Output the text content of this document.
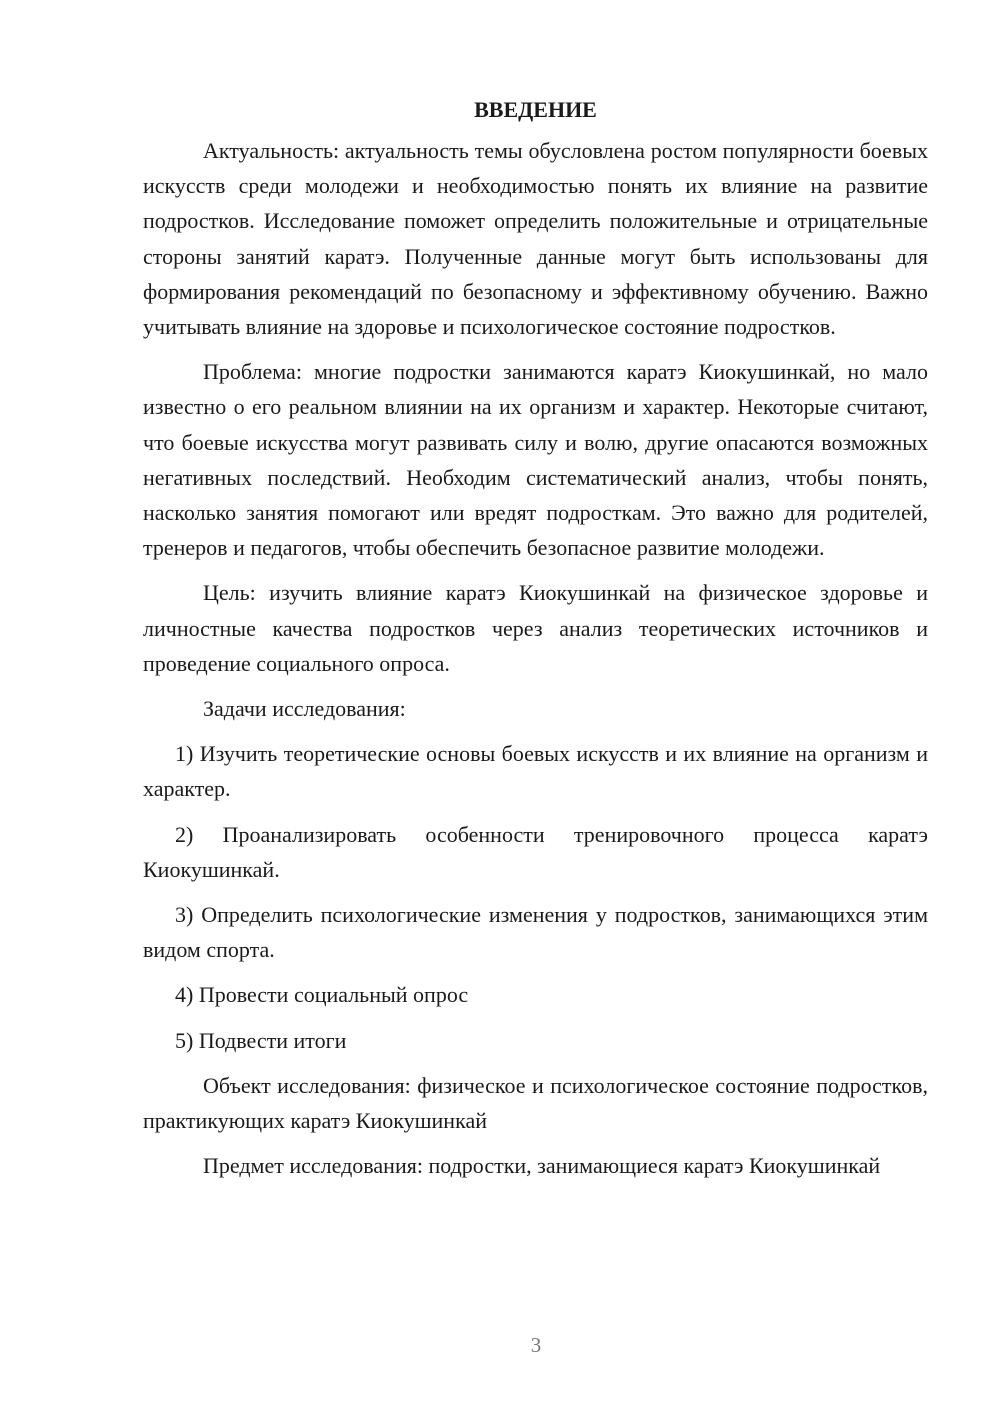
ВВЕДЕНИЕ

Актуальность: актуальность темы обусловлена ростом популярности боевых искусств среди молодежи и необходимостью понять их влияние на развитие подростков. Исследование поможет определить положительные и отрицательные стороны занятий каратэ. Полученные данные могут быть использованы для формирования рекомендаций по безопасному и эффективному обучению. Важно учитывать влияние на здоровье и психологическое состояние подростков.

Проблема: многие подростки занимаются каратэ Киокушинкай, но мало известно о его реальном влиянии на их организм и характер. Некоторые считают, что боевые искусства могут развивать силу и волю, другие опасаются возможных негативных последствий. Необходим систематический анализ, чтобы понять, насколько занятия помогают или вредят подросткам. Это важно для родителей, тренеров и педагогов, чтобы обеспечить безопасное развитие молодежи.

Цель: изучить влияние каратэ Киокушинкай на физическое здоровье и личностные качества подростков через анализ теоретических источников и проведение социального опроса.

Задачи исследования:

1) Изучить теоретические основы боевых искусств и их влияние на организм и характер.

2) Проанализировать особенности тренировочного процесса каратэ Киокушинкай.

3) Определить психологические изменения у подростков, занимающихся этим видом спорта.

4) Провести социальный опрос

5) Подвести итоги

Объект исследования: физическое и психологическое состояние подростков, практикующих каратэ Киокушинкай

Предмет исследования: подростки, занимающиеся каратэ Киокушинкай

3
